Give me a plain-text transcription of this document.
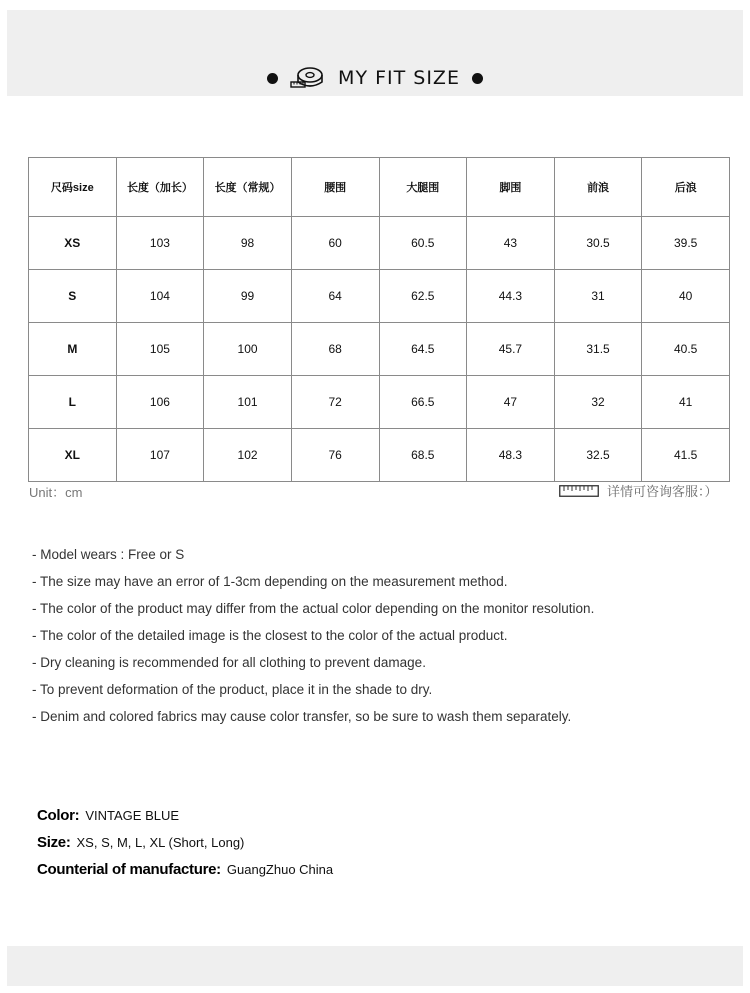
MY FIT SIZE
尺码size	长度（加长）	长度（常规）	腰围	大腿围	脚围	前浪	后浪
XS	103	98	60	60.5	43	30.5	39.5
S	104	99	64	62.5	44.3	31	40
M	105	100	68	64.5	45.7	31.5	40.5
L	106	101	72	66.5	47	32	41
XL	107	102	76	68.5	48.3	32.5	41.5
Unit：cm	详情可咨询客服：）
- Model wears : Free or S
- The size may have an error of 1-3cm depending on the measurement method.
- The color of the product may differ from the actual color depending on the monitor resolution.
- The color of the detailed image is the closest to the color of the actual product.
- Dry cleaning is recommended for all clothing to prevent damage.
- To prevent deformation of the product, place it in the shade to dry.
- Denim and colored fabrics may cause color transfer, so be sure to wash them separately.
Color: VINTAGE BLUE
Size: XS, S, M, L, XL (Short, Long)
Counterial of manufacture: GuangZhuo China
